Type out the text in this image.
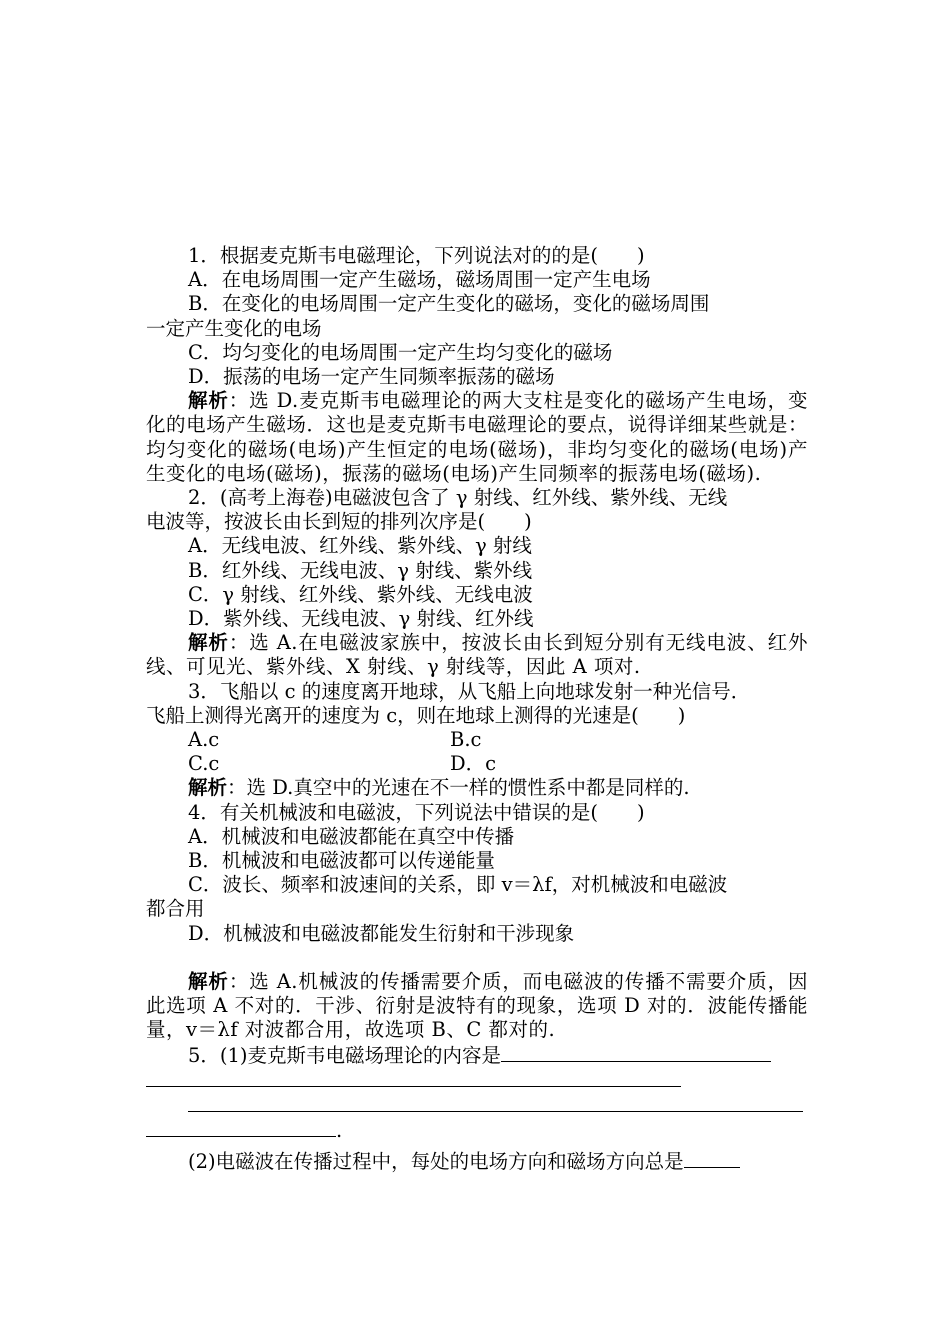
1．根据麦克斯韦电磁理论，下列说法对的的是(　　)

A．在电场周围一定产生磁场，磁场周围一定产生电场

B．在变化的电场周围一定产生变化的磁场，变化的磁场周围

一定产生变化的电场

C．均匀变化的电场周围一定产生均匀变化的磁场

D．振荡的电场一定产生同频率振荡的磁场

解析：选 D.麦克斯韦电磁理论的两大支柱是变化的磁场产生电场，变化的电场产生磁场．这也是麦克斯韦电磁理论的要点，说得详细某些就是：均匀变化的磁场(电场)产生恒定的电场(磁场)，非均匀变化的磁场(电场)产生变化的电场(磁场)，振荡的磁场(电场)产生同频率的振荡电场(磁场).

2．(高考上海卷)电磁波包含了 γ 射线、红外线、紫外线、无线

电波等，按波长由长到短的排列次序是(　　)

A．无线电波、红外线、紫外线、γ 射线

B．红外线、无线电波、γ 射线、紫外线

C．γ 射线、红外线、紫外线、无线电波

D．紫外线、无线电波、γ 射线、红外线

解析：选 A.在电磁波家族中，按波长由长到短分别有无线电波、红外线、可见光、紫外线、X 射线、γ 射线等，因此 A 项对.

3．飞船以 c 的速度离开地球，从飞船上向地球发射一种光信号．

飞船上测得光离开的速度为 c，则在地球上测得的光速是(　　)

A.c	B.c
C.c	D．c

解析：选 D.真空中的光速在不一样的惯性系中都是同样的.

4．有关机械波和电磁波，下列说法中错误的是(　　)

A．机械波和电磁波都能在真空中传播

B．机械波和电磁波都可以传递能量

C．波长、频率和波速间的关系，即 v＝λf，对机械波和电磁波

都合用

D．机械波和电磁波都能发生衍射和干涉现象

解析：选 A.机械波的传播需要介质，而电磁波的传播不需要介质，因此选项 A 不对的．干涉、衍射是波特有的现象，选项 D 对的．波能传播能量，v＝λf 对波都合用，故选项 B、C 都对的.

5．(1)麦克斯韦电磁场理论的内容是

.

(2)电磁波在传播过程中，每处的电场方向和磁场方向总是
